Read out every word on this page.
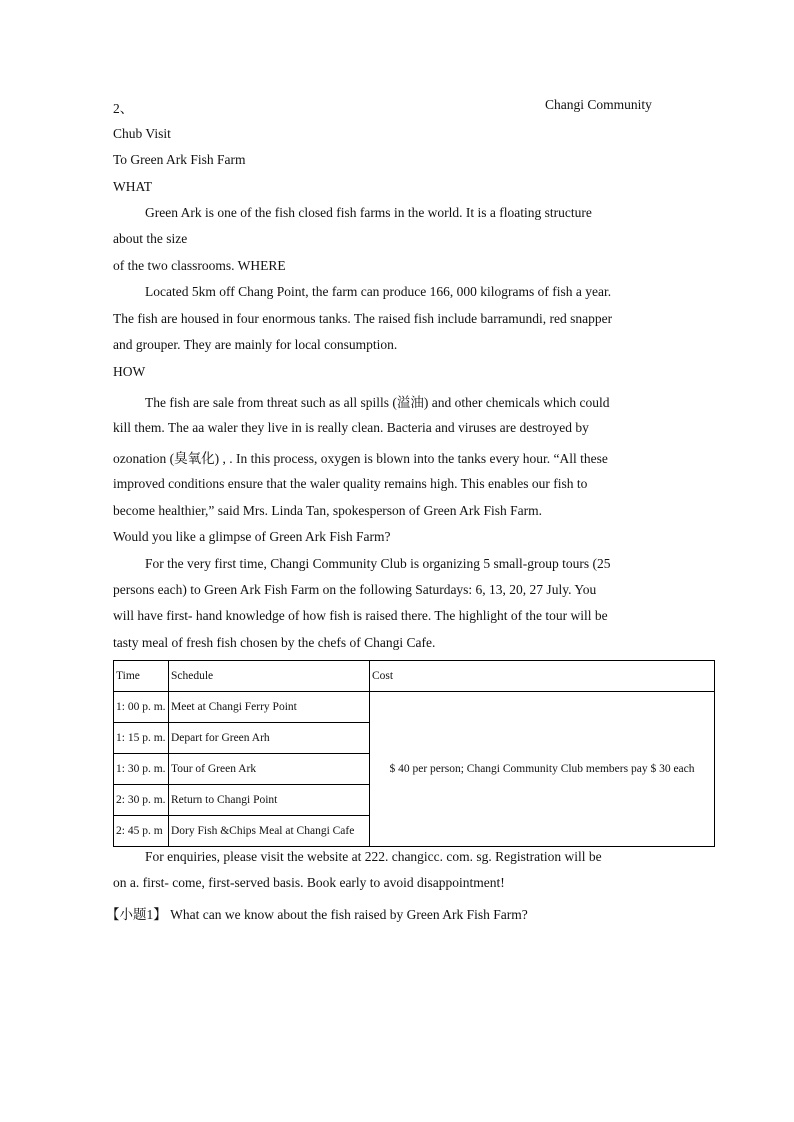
2、	Changi Community
Chub Visit
To Green Ark Fish Farm
WHAT
Green Ark is one of the fish closed fish farms in the world. It is a floating structure
about the size
of the two classrooms. WHERE
Located 5km off Chang Point, the farm can produce 166, 000 kilograms of fish a year.
The fish are housed in four enormous tanks. The raised fish include barramundi, red snapper
and grouper. They are mainly for local consumption.
HOW
The fish are sale from threat such as all spills (溢油) and other chemicals which could
kill them. The aa waler they live in is really clean. Bacteria and viruses are destroyed by
ozonation (臭氧化) , . In this process, oxygen is blown into the tanks every hour. “All these
improved conditions ensure that the waler quality remains high. This enables our fish to
become healthier,” said Mrs. Linda Tan, spokesperson of Green Ark Fish Farm.
Would you like a glimpse of Green Ark Fish Farm?
For the very first time, Changi Community Club is organizing 5 small-group tours (25
persons each) to Green Ark Fish Farm on the following Saturdays: 6, 13, 20, 27 July. You
will have first- hand knowledge of how fish is raised there. The highlight of the tour will be
tasty meal of fresh fish chosen by the chefs of Changi Cafe.
Time	Schedule	Cost
1: 00 p. m.	Meet at Changi Ferry Point	$ 40 per person; Changi Community Club members pay $ 30 each
1: 15 p. m.	Depart for Green Arh	
1: 30 p. m.	Tour of Green Ark	
2: 30 p. m.	Return to Changi Point	
2: 45 p. m	Dory Fish &Chips Meal at Changi Cafe	
For enquiries, please visit the website at 222. changicc. com. sg. Registration will be
on a. first- come, first-served basis. Book early to avoid disappointment!
【小题1】 What can we know about the fish raised by Green Ark Fish Farm?
